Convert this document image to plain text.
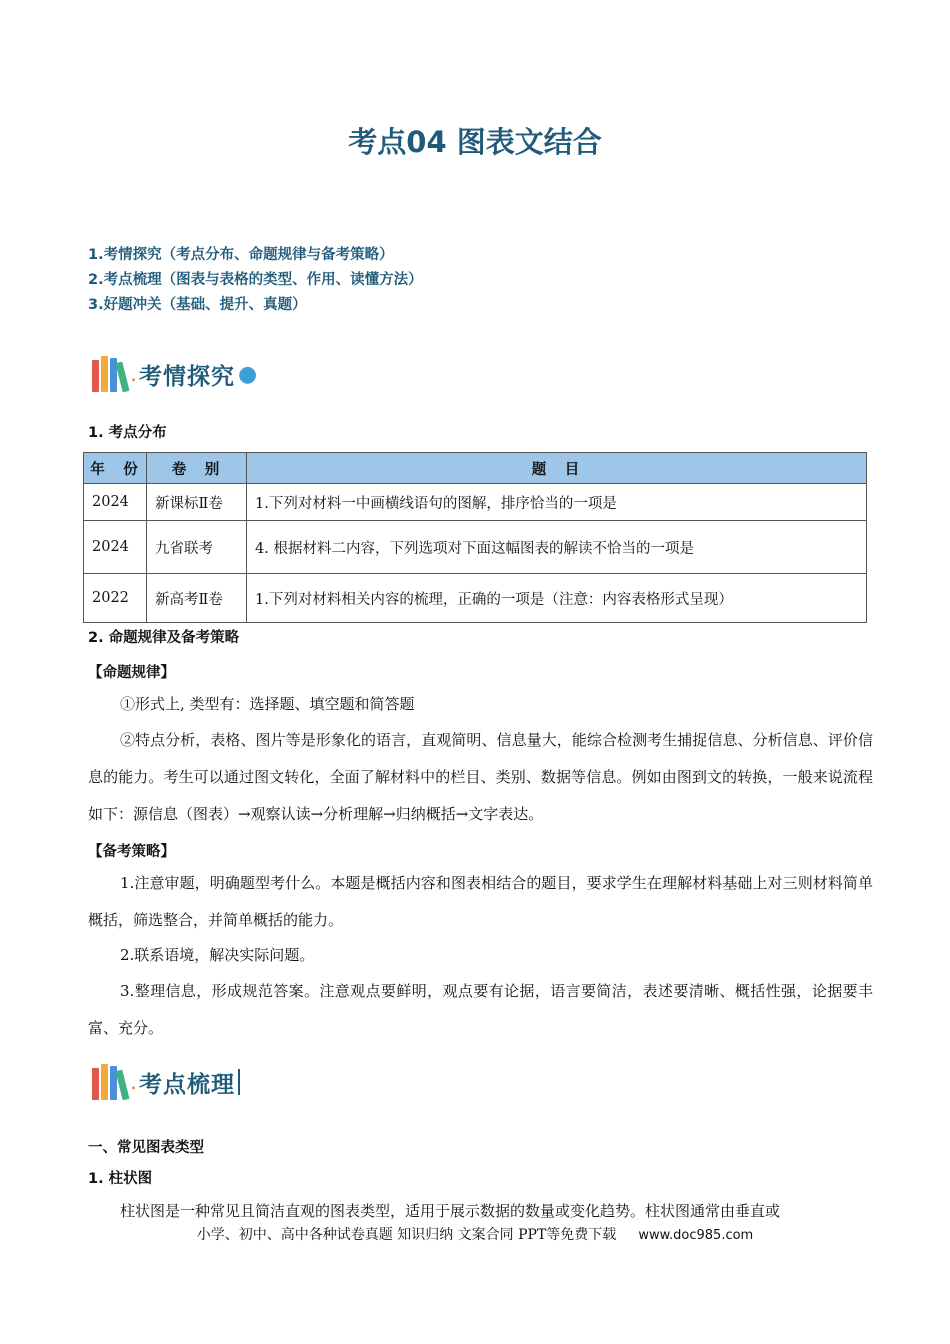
考点04 图表文结合
1.考情探究（考点分布、命题规律与备考策略）
2.考点梳理（图表与表格的类型、作用、读懂方法）
3.好题冲关（基础、提升、真题）
. 考情探究 ●
1. 考点分布
年　份	卷　别	题　目
2024	新课标Ⅱ卷	1.下列对材料一中画横线语句的图解，排序恰当的一项是
2024	九省联考	4. 根据材料二内容，下列选项对下面这幅图表的解读不恰当的一项是
2022	新高考Ⅱ卷	1.下列对材料相关内容的梳理，正确的一项是（注意：内容表格形式呈现）
2. 命题规律及备考策略
【命题规律】
①形式上, 类型有：选择题、填空题和简答题
②特点分析，表格、图片等是形象化的语言，直观简明、信息量大，能综合检测考生捕捉信息、分析信息、评价信息的能力。考生可以通过图文转化，全面了解材料中的栏目、类别、数据等信息。例如由图到文的转换，一般来说流程如下：源信息（图表）→观察认读→分析理解→归纳概括→文字表达。
【备考策略】
1.注意审题，明确题型考什么。本题是概括内容和图表相结合的题目，要求学生在理解材料基础上对三则材料简单概括，筛选整合，并简单概括的能力。
2.联系语境，解决实际问题。
3.整理信息，形成规范答案。注意观点要鲜明，观点要有论据，语言要简洁，表述要清晰、概括性强，论据要丰富、充分。
. 考点梳理
一、常见图表类型
1. 柱状图
柱状图是一种常见且简洁直观的图表类型，适用于展示数据的数量或变化趋势。柱状图通常由垂直或
小学、初中、高中各种试卷真题 知识归纳 文案合同 PPT等免费下载 www.doc985.com
